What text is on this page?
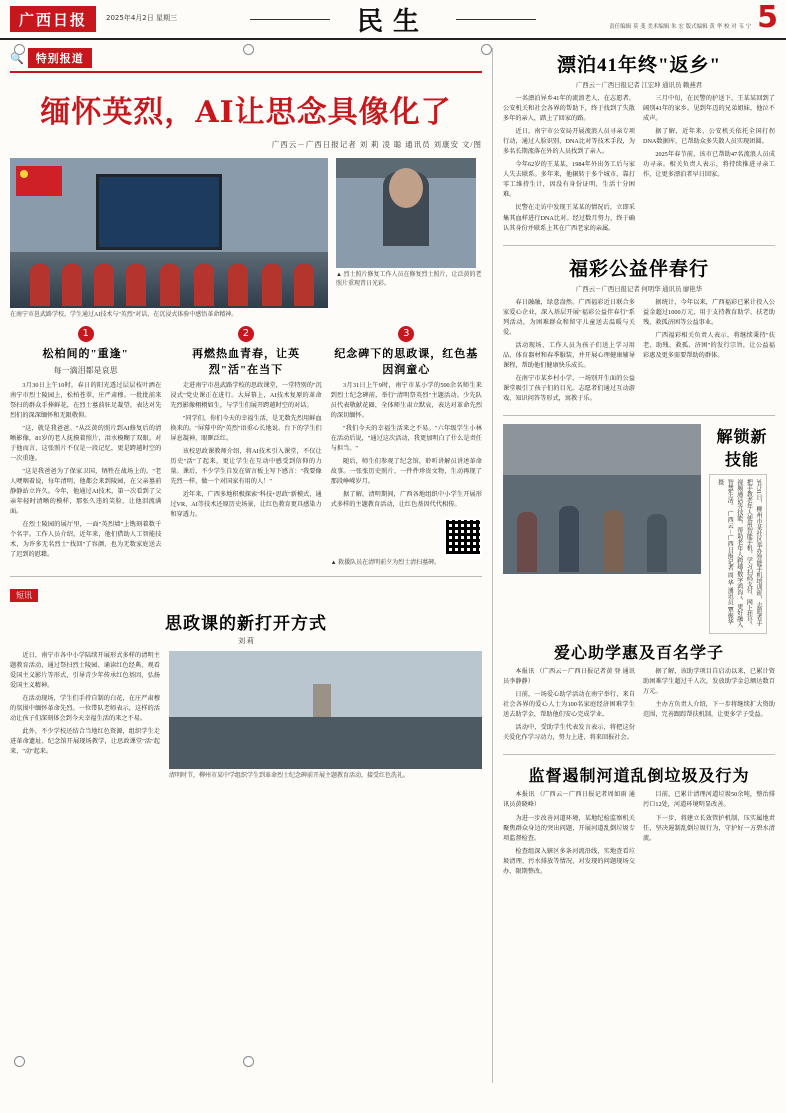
广西日报	2025年4月2日 星期三	民生	责任编辑 莫 斐 美术编辑 朱 宏 版式编辑 黄 华 校 对 韦 宁 5
🔍	特别报道
缅怀英烈，AI让思念具像化了
广西云－广西日报记者 刘 莉 凌 聪 通讯员 刘康安 文/图
在南宁市邕武路学校，学生通过AI技术与"英烈"对话，在沉浸式体验中感悟革命精神。
▲ 烈士照片修复工作人员在修复烈士照片，让泛黄的老照片重现昔日光彩。
1
松柏间的"重逢"
每一滴泪都是哀思

3月30日上午10时，春日的阳光透过层层枝叶洒在南宁市烈士陵园上，松柏苍翠、庄严肃穆。一批批前来祭扫的群众手捧鲜花，在烈士墓前驻足凝望，表达对先烈们的深深缅怀和无限敬仰。

"这，就是我爸爸。"从泛黄的照片到AI修复后的清晰影像，81岁的老人抚摸着照片，泪水模糊了双眼。对于他而言，这张照片不仅是一段记忆，更是跨越时空的一次重逢。

"这是我爸爸为了保家卫国，牺牲在战场上的。"老人哽咽着说，每年清明，他都会来到陵园，在父亲墓前静静站立许久。今年，他通过AI技术，第一次看到了父亲年轻时清晰的模样，那张久违的笑脸，让他泪流满面。

在烈士陵园的展厅里，一面"英烈墙"上镌刻着数千个名字。工作人员介绍，近年来，他们借助人工智能技术，为许多无名烈士"找回"了容颜，也为无数家庭送去了迟到的慰藉。

2
再燃热血青春，让英烈"活"在当下

走进南宁市邕武路学校的思政课堂，一堂特别的"沉浸式"党史课正在进行。大屏幕上，AI技术复原的革命先烈影像栩栩如生，与学生们展开跨越时空的对话。

"同学们，你们今天的幸福生活，是无数先烈用鲜血换来的。"屏幕中的"英烈"语重心长地说。台下的学生们屏息凝神，眼眶泛红。

该校思政课教师介绍，将AI技术引入课堂，不仅让历史"活"了起来，更让学生在互动中感受到信仰的力量。课后，不少学生自发在留言板上写下感言："我要像先烈一样，做一个对国家有用的人！"

近年来，广西多地积极探索"科技+思政"新模式，通过VR、AI等技术还原历史场景，让红色教育更具感染力和穿透力。

3
纪念碑下的思政课，红色基因润童心

3月31日上午9时，南宁市某小学的500余名师生来到烈士纪念碑前，举行"清明祭英烈"主题活动。少先队员代表敬献花圈，全体师生肃立默哀，表达对革命先烈的深切缅怀。

"我们今天的幸福生活来之不易。"六年级学生小林在活动后说，"通过这次活动，我更加明白了什么是责任与担当。"

随后，师生们参观了纪念馆，聆听讲解员讲述革命故事。一张张历史照片、一件件珍贵文物，生动再现了那段峥嵘岁月。

据了解，清明期间，广西各地组织中小学生开展形式多样的主题教育活动，让红色基因代代相传。

▲ 救援队员在清明前夕为烈士清扫墓碑。
短讯
思政课的新打开方式
刘 莉

近日，南宁市各中小学陆续开展形式多样的清明主题教育活动，通过祭扫烈士陵园、诵读红色经典、观看爱国主义影片等形式，引导青少年传承红色基因，弘扬爱国主义精神。

在活动现场，学生们手持自制的白花，在庄严肃穆的氛围中缅怀革命先烈。一位带队老师表示，这样的活动让孩子们深刻体会到今天幸福生活的来之不易。

此外，不少学校还结合当地红色资源，组织学生走进革命遗址、纪念馆开展现场教学，让思政课堂"活"起来、"动"起来。

清明时节，柳州市某中学组织学生到革命烈士纪念碑前开展主题教育活动，接受红色洗礼。
漂泊41年终"返乡"
广西云－广西日报记者 江宏坤 通讯员 赖燕君

一名漂泊异乡41年的流浪老人，在志愿者、公安机关和社会各界的帮助下，终于找到了失散多年的亲人，踏上了回家的路。

近日，南宁市公安局开展流浪人员寻亲专项行动，通过人脸识别、DNA比对等技术手段，为多名长期流落在外的人员找到了亲人。

今年62岁的王某某，1984年外出务工后与家人失去联系。多年来，他辗转于多个城市，靠打零工维持生计，因没有身份证明，生活十分困难。

民警在走访中发现王某某的情况后，立即采集其血样进行DNA比对。经过数月努力，终于确认其身份并联系上其在广西老家的亲属。

三月中旬，在民警的护送下，王某某回到了阔别41年的家乡。见到年迈的兄弟姐妹，他泣不成声。

据了解，近年来，公安机关依托全国打拐DNA数据库，已帮助众多失散人员实现团圆。

2025年春节前，该市已帮助47名流浪人员成功寻亲。相关负责人表示，将持续推进寻亲工作，让更多漂泊者早日回家。

福彩公益伴春行
广西云－广西日报记者 何明华 通讯员 廖艳华

春日融融，绿意盎然。广西福彩近日联合多家爱心企业，深入基层开展"福彩公益伴春行"系列活动，为困难群众和留守儿童送去温暖与关爱。

活动现场，工作人员为孩子们送上学习用品、体育器材和春季服装，并开展心理健康辅导课程，帮助他们健康快乐成长。

在南宁市某乡村小学，一场别开生面的公益课堂吸引了孩子们的目光。志愿者们通过互动游戏、知识问答等形式，寓教于乐。

据统计，今年以来，广西福彩已累计投入公益金超过1000万元，用于支持教育助学、扶老助残、救孤济困等公益事业。

广西福彩相关负责人表示，将继续秉持"扶老、助残、救孤、济困"的发行宗旨，让公益福彩惠及更多需要帮助的群体。

解锁新技能
3月31日，柳州市某社区举办智能手机培训班，志愿者手把手教老年人使用智能手机，学习扫码支付、网上挂号、视频通话等技能，帮助老年人跨越"数字鸿沟"，更好融入智慧生活。 广西云－广西日报记者 周 华 通讯员 覃振华 摄
爱心助学惠及百名学子

本报讯 （广西云－广西日报记者黄 登 通讯员李静静）

日前，一场爱心助学活动在南宁举行，来自社会各界的爱心人士为100名家庭经济困难学生送去助学金，帮助他们安心完成学业。

活动中，受助学生代表发言表示，将把这份关爱化作学习动力，努力上进，将来回报社会。

据了解，该助学项目自启动以来，已累计资助困难学生超过千人次，发放助学金总额达数百万元。

主办方负责人介绍，下一步将继续扩大资助范围，完善跟踪帮扶机制，让更多学子受益。

监督遏制河道乱倒垃圾及行为

本报讯 （广西云－广西日报记者周如雨 通讯员黄晓峰）

为进一步改善河道环境，某地纪检监察机关聚焦群众身边的突出问题，开展河道乱倒垃圾专项监督检查。

检查组深入辖区多条河流沿线，实地查看垃圾清理、污水排放等情况，对发现的问题现场交办、限期整改。

目前，已累计清理河道垃圾50余吨，整治排污口12处，河道环境明显改善。

下一步，将建立长效管护机制，压实属地责任，坚决遏制乱倒垃圾行为，守护好一方碧水清流。
